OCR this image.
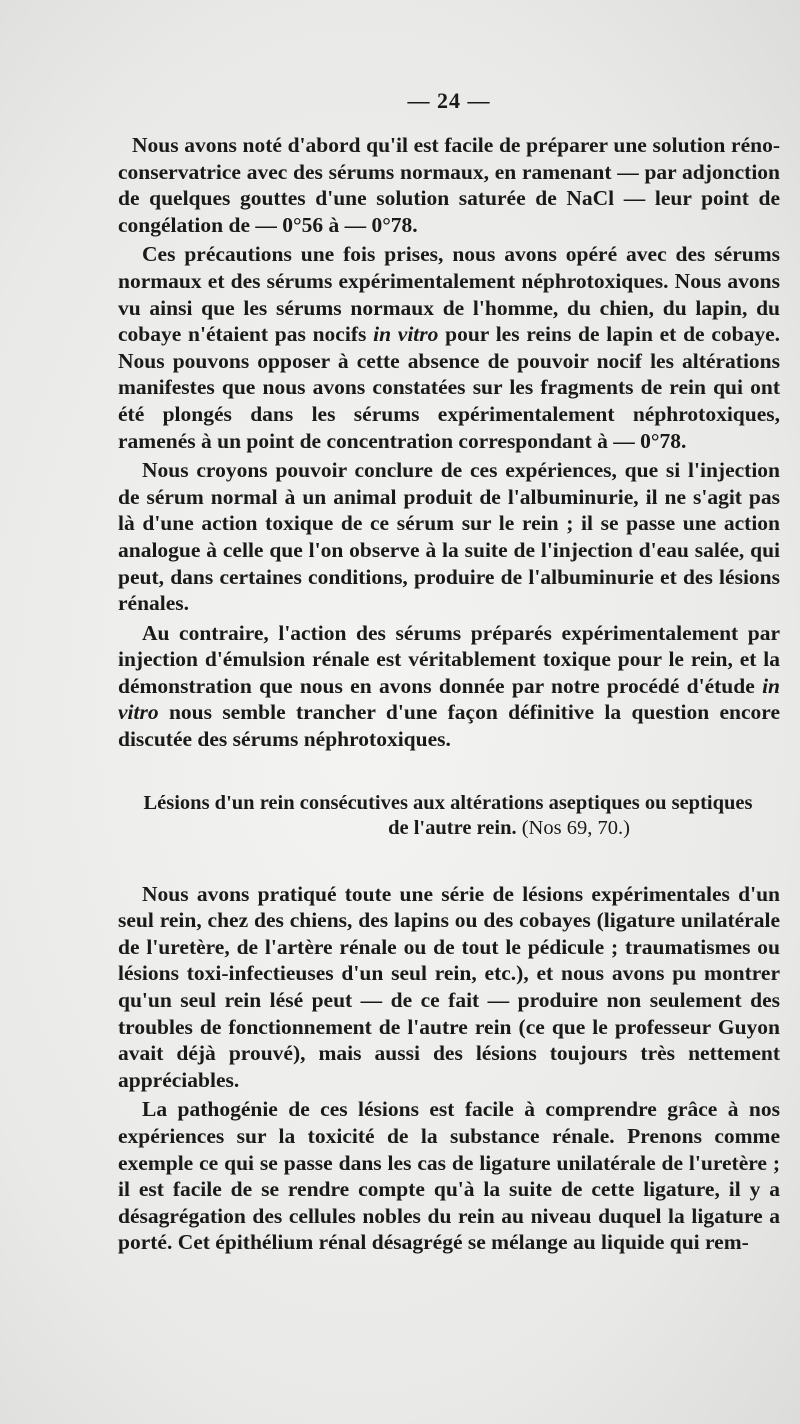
— 24 —

Nous avons noté d'abord qu'il est facile de préparer une solution réno-conservatrice avec des sérums normaux, en ramenant — par adjonction de quelques gouttes d'une solution saturée de NaCl — leur point de congélation de — 0°56 à — 0°78.

Ces précautions une fois prises, nous avons opéré avec des sérums normaux et des sérums expérimentalement néphrotoxiques. Nous avons vu ainsi que les sérums normaux de l'homme, du chien, du lapin, du cobaye n'étaient pas nocifs in vitro pour les reins de lapin et de cobaye. Nous pouvons opposer à cette absence de pouvoir nocif les altérations manifestes que nous avons constatées sur les fragments de rein qui ont été plongés dans les sérums expérimentalement néphrotoxiques, ramenés à un point de concentration correspondant à — 0°78.

Nous croyons pouvoir conclure de ces expériences, que si l'injection de sérum normal à un animal produit de l'albuminurie, il ne s'agit pas là d'une action toxique de ce sérum sur le rein ; il se passe une action analogue à celle que l'on observe à la suite de l'injection d'eau salée, qui peut, dans certaines conditions, produire de l'albuminurie et des lésions rénales.

Au contraire, l'action des sérums préparés expérimentalement par injection d'émulsion rénale est véritablement toxique pour le rein, et la démonstration que nous en avons donnée par notre procédé d'étude in vitro nous semble trancher d'une façon définitive la question encore discutée des sérums néphrotoxiques.

Lésions d'un rein consécutives aux altérations aseptiques ou septiques
de l'autre rein. (Nos 69, 70.)

Nous avons pratiqué toute une série de lésions expérimentales d'un seul rein, chez des chiens, des lapins ou des cobayes (ligature unilatérale de l'uretère, de l'artère rénale ou de tout le pédicule ; traumatismes ou lésions toxi-infectieuses d'un seul rein, etc.), et nous avons pu montrer qu'un seul rein lésé peut — de ce fait — produire non seulement des troubles de fonctionnement de l'autre rein (ce que le professeur Guyon avait déjà prouvé), mais aussi des lésions toujours très nettement appréciables.

La pathogénie de ces lésions est facile à comprendre grâce à nos expériences sur la toxicité de la substance rénale. Prenons comme exemple ce qui se passe dans les cas de ligature unilatérale de l'uretère ; il est facile de se rendre compte qu'à la suite de cette ligature, il y a désagrégation des cellules nobles du rein au niveau duquel la ligature a porté. Cet épithélium rénal désagrégé se mélange au liquide qui rem-
